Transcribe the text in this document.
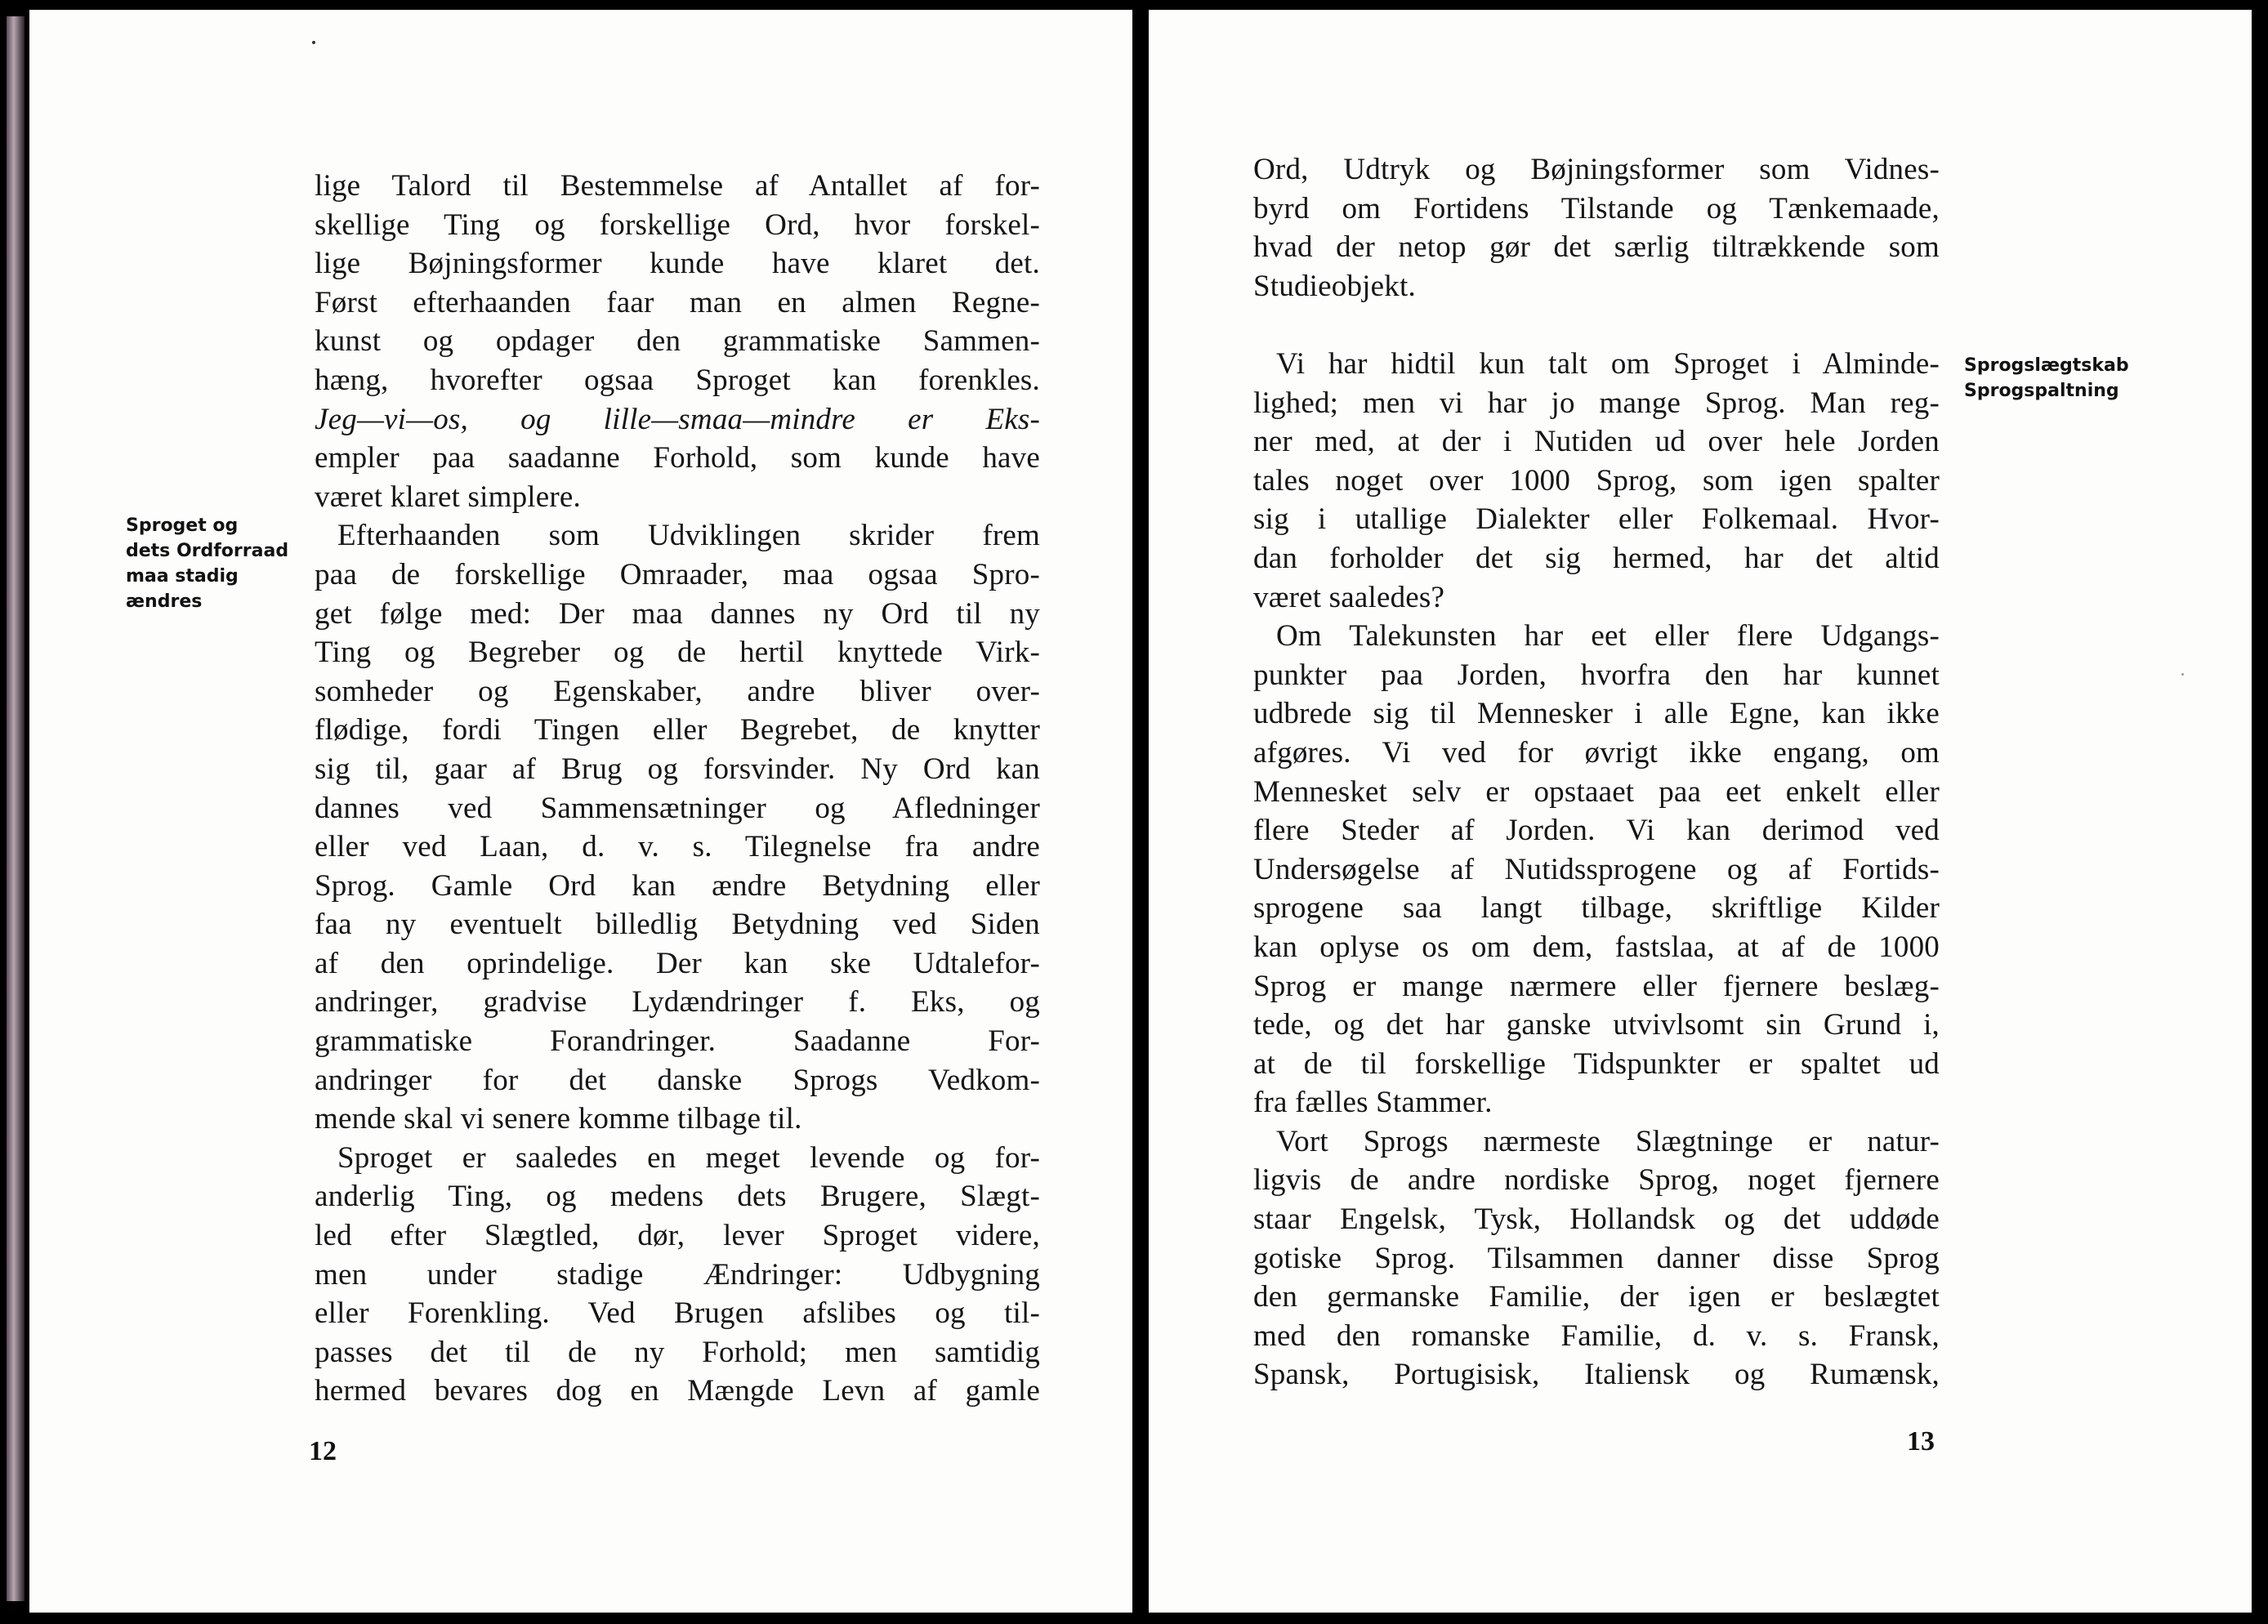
Sproget og
dets Ordforraad
maa stadig
ændres
lige Talord til Bestemmelse af Antallet af for-
skellige Ting og forskellige Ord, hvor forskel-
lige Bøjningsformer kunde have klaret det.
Først efterhaanden faar man en almen Regne-
kunst og opdager den grammatiske Sammen-
hæng, hvorefter ogsaa Sproget kan forenkles.
Jeg—vi—os, og lille—smaa—mindre er Eks-
empler paa saadanne Forhold, som kunde have
været klaret simplere.
Efterhaanden som Udviklingen skrider frem
paa de forskellige Omraader, maa ogsaa Spro-
get følge med: Der maa dannes ny Ord til ny
Ting og Begreber og de hertil knyttede Virk-
somheder og Egenskaber, andre bliver over-
flødige, fordi Tingen eller Begrebet, de knytter
sig til, gaar af Brug og forsvinder. Ny Ord kan
dannes ved Sammensætninger og Afledninger
eller ved Laan, d. v. s. Tilegnelse fra andre
Sprog. Gamle Ord kan ændre Betydning eller
faa ny eventuelt billedlig Betydning ved Siden
af den oprindelige. Der kan ske Udtalefor-
andringer, gradvise Lydændringer f. Eks, og
grammatiske Forandringer. Saadanne For-
andringer for det danske Sprogs Vedkom-
mende skal vi senere komme tilbage til.
Sproget er saaledes en meget levende og for-
anderlig Ting, og medens dets Brugere, Slægt-
led efter Slægtled, dør, lever Sproget videre,
men under stadige Ændringer: Udbygning
eller Forenkling. Ved Brugen afslibes og til-
passes det til de ny Forhold; men samtidig
hermed bevares dog en Mængde Levn af gamle
12
Sprogslægtskab
Sprogspaltning
Ord, Udtryk og Bøjningsformer som Vidnes-
byrd om Fortidens Tilstande og Tænkemaade,
hvad der netop gør det særlig tiltrækkende som
Studieobjekt.
Vi har hidtil kun talt om Sproget i Alminde-
lighed; men vi har jo mange Sprog. Man reg-
ner med, at der i Nutiden ud over hele Jorden
tales noget over 1000 Sprog, som igen spalter
sig i utallige Dialekter eller Folkemaal. Hvor-
dan forholder det sig hermed, har det altid
været saaledes?
Om Talekunsten har eet eller flere Udgangs-
punkter paa Jorden, hvorfra den har kunnet
udbrede sig til Mennesker i alle Egne, kan ikke
afgøres. Vi ved for øvrigt ikke engang, om
Mennesket selv er opstaaet paa eet enkelt eller
flere Steder af Jorden. Vi kan derimod ved
Undersøgelse af Nutidssprogene og af Fortids-
sprogene saa langt tilbage, skriftlige Kilder
kan oplyse os om dem, fastslaa, at af de 1000
Sprog er mange nærmere eller fjernere beslæg-
tede, og det har ganske utvivlsomt sin Grund i,
at de til forskellige Tidspunkter er spaltet ud
fra fælles Stammer.
Vort Sprogs nærmeste Slægtninge er natur-
ligvis de andre nordiske Sprog, noget fjernere
staar Engelsk, Tysk, Hollandsk og det uddøde
gotiske Sprog. Tilsammen danner disse Sprog
den germanske Familie, der igen er beslægtet
med den romanske Familie, d. v. s. Fransk,
Spansk, Portugisisk, Italiensk og Rumænsk,
13
